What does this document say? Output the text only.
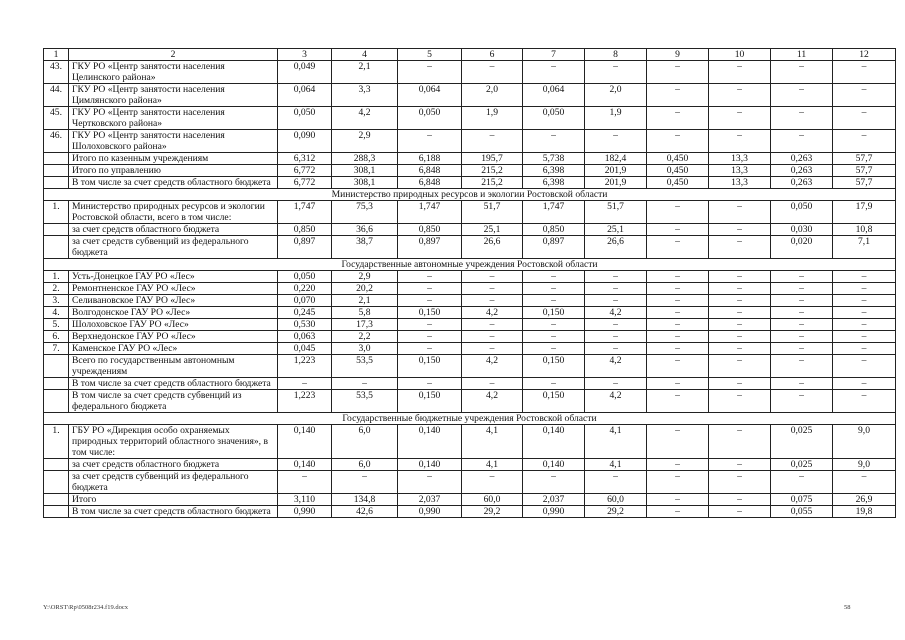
1	2	3	4	5	6	7	8	9	10	11	12
43.	ГКУ РО «Центр занятости населения Целинского района»	0,049	2,1	–	–	–	–	–	–	–	–
44.	ГКУ РО «Центр занятости населения Цимлянского района»	0,064	3,3	0,064	2,0	0,064	2,0	–	–	–	–
45.	ГКУ РО «Центр занятости населения Чертковского района»	0,050	4,2	0,050	1,9	0,050	1,9	–	–	–	–
46.	ГКУ РО «Центр занятости населения Шолоховского района»	0,090	2,9	–	–	–	–	–	–	–	–
	Итого по казенным учреждениям	6,312	288,3	6,188	195,7	5,738	182,4	0,450	13,3	0,263	57,7
	Итого по управлению	6,772	308,1	6,848	215,2	6,398	201,9	0,450	13,3	0,263	57,7
	В том числе за счет средств областного бюджета	6,772	308,1	6,848	215,2	6,398	201,9	0,450	13,3	0,263	57,7
Министерство природных ресурсов и экологии Ростовской области											
1.	Министерство природных ресурсов и экологии Ростовской области, всего в том числе:	1,747	75,3	1,747	51,7	1,747	51,7	–	–	0,050	17,9
	за счет средств областного бюджета	0,850	36,6	0,850	25,1	0,850	25,1	–	–	0,030	10,8
	за счет средств субвенций из федерального бюджета	0,897	38,7	0,897	26,6	0,897	26,6	–	–	0,020	7,1
Государственные автономные учреждения Ростовской области											
1.	Усть-Донецкое ГАУ РО «Лес»	0,050	2,9	–	–	–	–	–	–	–	–
2.	Ремонтненское ГАУ РО «Лес»	0,220	20,2	–	–	–	–	–	–	–	–
3.	Селивановское ГАУ РО «Лес»	0,070	2,1	–	–	–	–	–	–	–	–
4.	Волгодонское ГАУ РО «Лес»	0,245	5,8	0,150	4,2	0,150	4,2	–	–	–	–
5.	Шолоховское ГАУ РО «Лес»	0,530	17,3	–	–	–	–	–	–	–	–
6.	Верхнедонское ГАУ РО «Лес»	0,063	2,2	–	–	–	–	–	–	–	–
7.	Каменское ГАУ РО «Лес»	0,045	3,0	–	–	–	–	–	–	–	–
	Всего по государственным автономным учреждениям	1,223	53,5	0,150	4,2	0,150	4,2	–	–	–	–
	В том числе за счет средств областного бюджета	–	–	–	–	–	–	–	–	–	–
	В том числе за счет средств субвенций из федерального бюджета	1,223	53,5	0,150	4,2	0,150	4,2	–	–	–	–
Государственные бюджетные учреждения Ростовской области											
1.	ГБУ РО «Дирекция особо охраняемых природных территорий областного значения», в том числе:	0,140	6,0	0,140	4,1	0,140	4,1	–	–	0,025	9,0
	за счет средств областного бюджета	0,140	6,0	0,140	4,1	0,140	4,1	–	–	0,025	9,0
	за счет средств субвенций из федерального бюджета	–	–	–	–	–	–	–	–	–	–
	Итого	3,110	134,8	2,037	60,0	2,037	60,0	–	–	0,075	26,9
	В том числе за счет средств областного бюджета	0,990	42,6	0,990	29,2	0,990	29,2	–	–	0,055	19,8
Y:\ORST\Rp\0508r234.f19.docx	58
